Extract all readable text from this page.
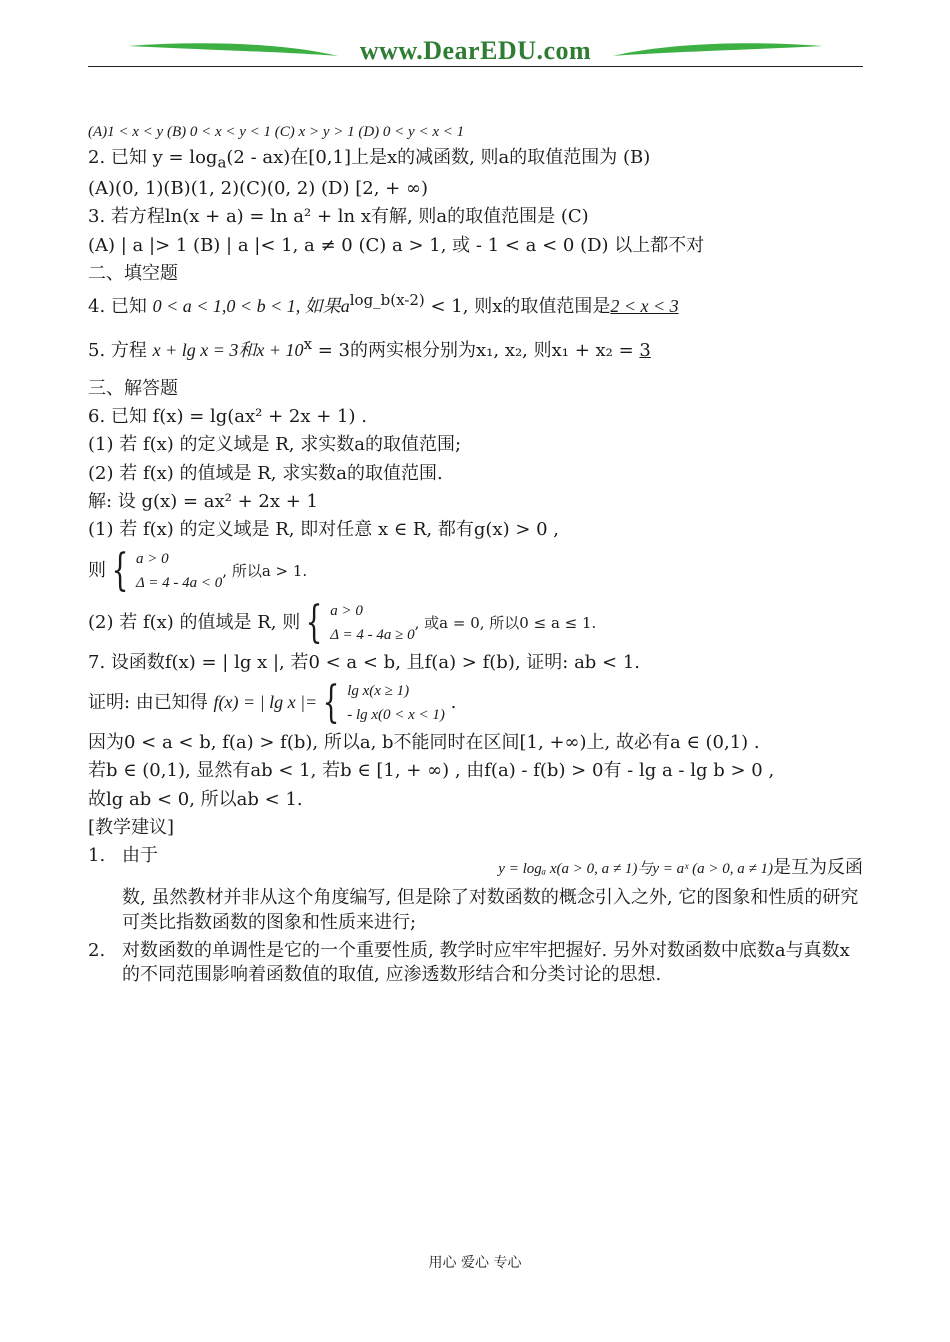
www.DearEDU.com
(A)1 < x < y (B) 0 < x < y < 1 (C) x > y > 1 (D) 0 < y < x < 1
2. 已知 $y = \log_a(2 - ax)$在[0,1]上是x的减函数, 则a的取值范围为 (B)
(A)(0, 1)(B)(1, 2)(C)(0, 2) (D) [2, + ∞)
3. 若方程ln(x + a) = ln a² + ln x有解, 则a的取值范围是 (C)
(A) | a |> 1 (B) | a |< 1, a ≠ 0 (C) a > 1, 或 - 1 < a < 0 (D) 以上都不对
二、填空题
4. 已知 0 < a < 1,0 < b < 1, 如果$a^{log\_b(x-2)} < 1$, 则x的取值范围是2 < x < 3
5. 方程 x + lg x = 3和$x + 10^x = 3$的两实根分别为x₁, x₂, 则x₁ + x₂ = 3
三、解答题
6. 已知 f(x) = lg(ax² + 2x + 1) .
(1) 若 f(x) 的定义域是 R, 求实数a的取值范围;
(2) 若 f(x) 的值域是 R, 求实数a的取值范围.
解: 设 g(x) = ax² + 2x + 1
(1) 若 f(x) 的定义域是 R, 即对任意 x ∈ R, 都有g(x) > 0 ,
则 { a > 0
Δ = 4 - 4a < 0, 所以a > 1.
(2) 若 f(x) 的值域是 R, 则 { a > 0
Δ = 4 - 4a ≥ 0, 或a = 0, 所以0 ≤ a ≤ 1.
7. 设函数f(x) = | lg x |, 若0 < a < b, 且f(a) > f(b), 证明: ab < 1.
证明: 由已知得 f(x) = | lg x |= { lg x(x ≥ 1)
- lg x(0 < x < 1) .
因为0 < a < b, f(a) > f(b), 所以a, b不能同时在区间[1, +∞)上, 故必有a ∈ (0,1) .
若b ∈ (0,1), 显然有ab < 1, 若b ∈ [1, + ∞) , 由f(a) - f(b) > 0有 - lg a - lg b > 0 ,
故lg ab < 0, 所以ab < 1.
[教学建议]
1. 由于
y = logₐ x(a > 0, a ≠ 1)与y = aˣ (a > 0, a ≠ 1)是互为反函
数, 虽然教材并非从这个角度编写, 但是除了对数函数的概念引入之外, 它的图象和性质的研究可类比指数函数的图象和性质来进行;
2. 对数函数的单调性是它的一个重要性质, 教学时应牢牢把握好. 另外对数函数中底数a与真数x的不同范围影响着函数值的取值, 应渗透数形结合和分类讨论的思想.
用心 爱心 专心
